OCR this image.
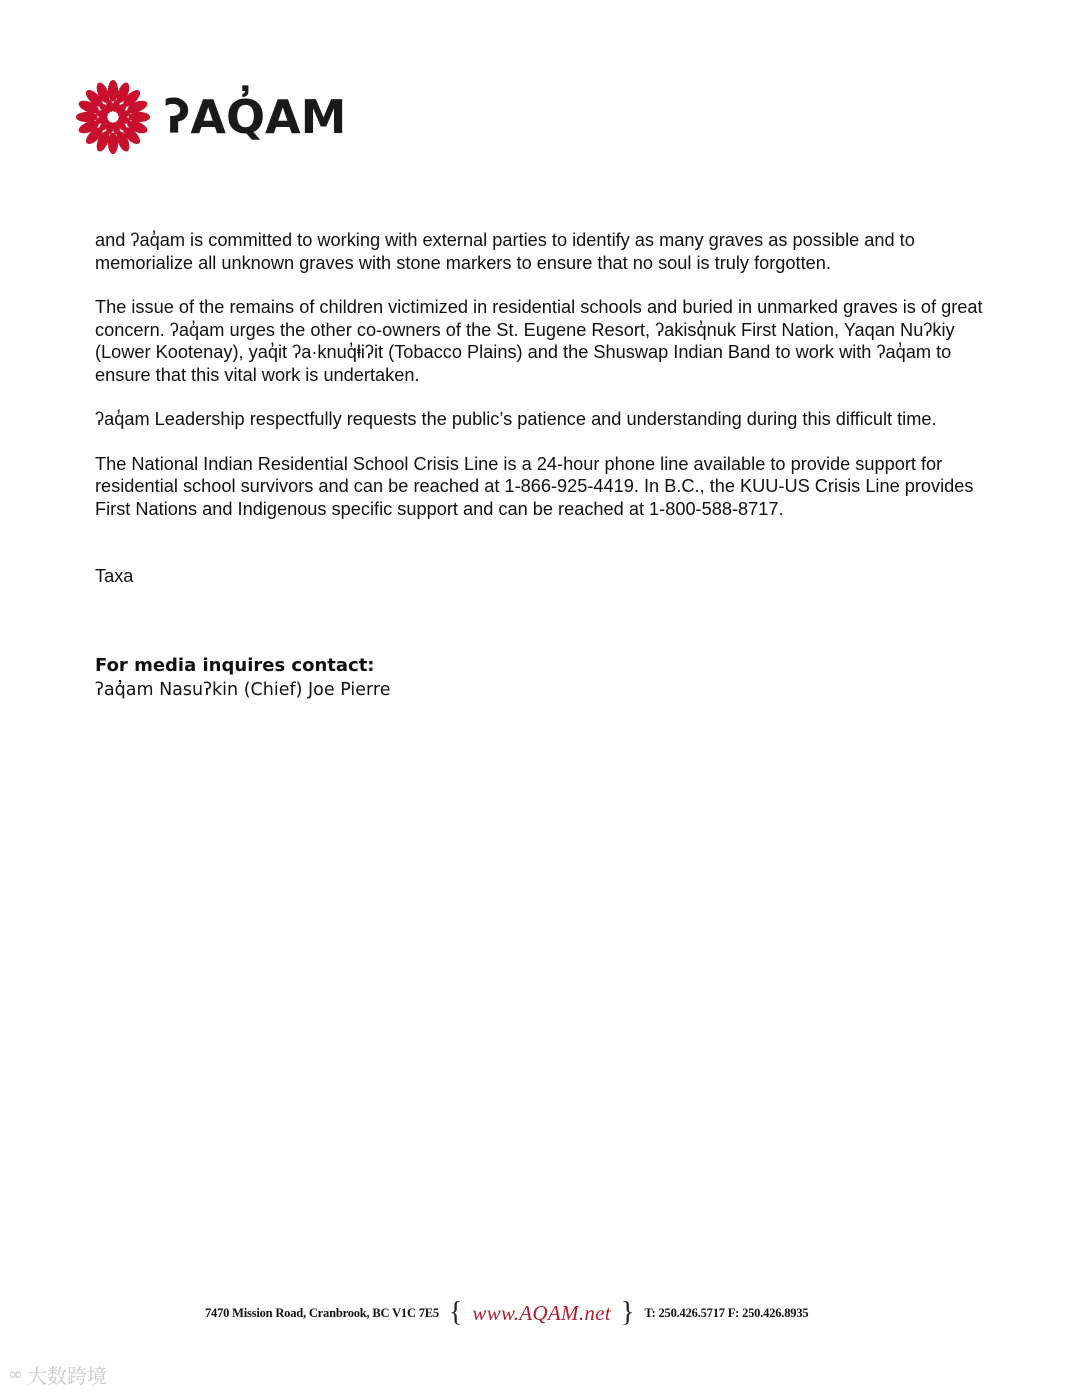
ʔAQ̓AM

and ʔaq̓am is committed to working with external parties to identify as many graves as possible and to memorialize all unknown graves with stone markers to ensure that no soul is truly forgotten.

The issue of the remains of children victimized in residential schools and buried in unmarked graves is of great concern. ʔaq̓am urges the other co-owners of the St. Eugene Resort, ʔakisq̓nuk First Nation, Yaqan Nuʔkiy (Lower Kootenay), yaq̓it ʔa·knuq̓ⱡiʔit (Tobacco Plains) and the Shuswap Indian Band to work with ʔaq̓am to ensure that this vital work is undertaken.

ʔaq̓am Leadership respectfully requests the public’s patience and understanding during this difficult time.

The National Indian Residential School Crisis Line is a 24-hour phone line available to provide support for residential school survivors and can be reached at 1-866-925-4419. In B.C., the KUU-US Crisis Line provides First Nations and Indigenous specific support and can be reached at 1-800-588-8717.

Taxa

For media inquires contact:
ʔaq̓am Nasuʔkin (Chief) Joe Pierre
7470 Mission Road, Cranbrook, BC V1C 7E5 { www.AQAM.net } T: 250.426.5717 F: 250.426.8935
∞ 大数跨境
